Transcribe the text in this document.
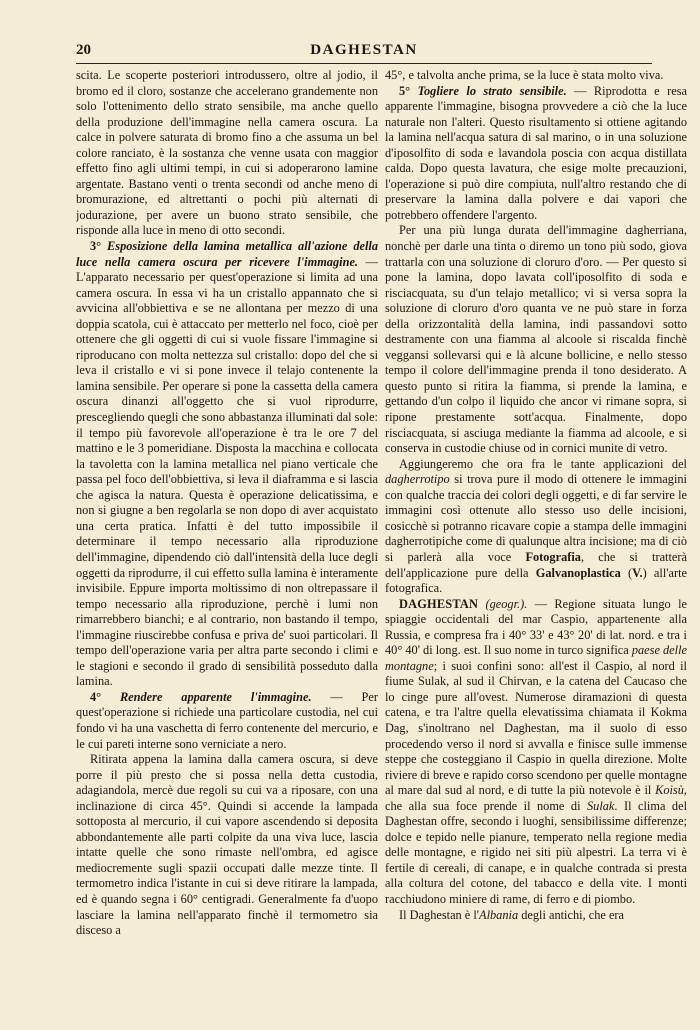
20	DAGHESTAN

scita. Le scoperte posteriori introdussero, oltre al jodio, il bromo ed il cloro, sostanze che accelerano grandemente non solo l'ottenimento dello strato sensibile, ma anche quello della produzione dell'immagine nella camera oscura. La calce in polvere saturata di bromo fino a che assuma un bel colore ranciato, è la sostanza che venne usata con maggior effetto fino agli ultimi tempi, in cui si adoperarono lamine argentate. Bastano venti o trenta secondi od anche meno di bromurazione, ed altrettanti o pochi più alternati di jodurazione, per avere un buono strato sensibile, che risponde alla luce in meno di otto secondi.

3° Esposizione della lamina metallica all'azione della luce nella camera oscura per ricevere l'immagine. — L'apparato necessario per quest'operazione si limita ad una camera oscura. In essa vi ha un cristallo appannato che si avvicina all'obbiettiva e se ne allontana per mezzo di una doppia scatola, cui è attaccato per metterlo nel foco, cioè per ottenere che gli oggetti di cui si vuole fissare l'immagine si riproducano con molta nettezza sul cristallo: dopo del che si leva il cristallo e vi si pone invece il telajo contenente la lamina sensibile. Per operare si pone la cassetta della camera oscura dinanzi all'oggetto che si vuol riprodurre, prescegliendo quegli che sono abbastanza illuminati dal sole: il tempo più favorevole all'operazione è tra le ore 7 del mattino e le 3 pomeridiane. Disposta la macchina e collocata la tavoletta con la lamina metallica nel piano verticale che passa pel foco dell'obbiettiva, si leva il diaframma e si lascia che agisca la natura. Questa è operazione delicatissima, e non si giugne a ben regolarla se non dopo di aver acquistato una certa pratica. Infatti è del tutto impossibile il determinare il tempo necessario alla riproduzione dell'immagine, dipendendo ciò dall'intensità della luce degli oggetti da riprodurre, il cui effetto sulla lamina è interamente invisibile. Eppure importa moltissimo di non oltrepassare il tempo necessario alla riproduzione, perchè i lumi non rimarrebbero bianchi; e al contrario, non bastando il tempo, l'immagine riuscirebbe confusa e priva de' suoi particolari. Il tempo dell'operazione varia per altra parte secondo i climi e le stagioni e secondo il grado di sensibilità posseduto dalla lamina.

4° Rendere apparente l'immagine. — Per quest'operazione si richiede una particolare custodia, nel cui fondo vi ha una vaschetta di ferro contenente del mercurio, e le cui pareti interne sono verniciate a nero.

Ritirata appena la lamina dalla camera oscura, si deve porre il più presto che si possa nella detta custodia, adagiandola, mercè due regoli su cui va a riposare, con una inclinazione di circa 45°. Quindi si accende la lampada sottoposta al mercurio, il cui vapore ascendendo si deposita abbondantemente alle parti colpite da una viva luce, lascia intatte quelle che sono rimaste nell'ombra, ed agisce mediocremente sugli spazii occupati dalle mezze tinte. Il termometro indica l'istante in cui si deve ritirare la lampada, ed è quando segna i 60° centigradi. Generalmente fa d'uopo lasciare la lamina nell'apparato finchè il termometro sia disceso a

45°, e talvolta anche prima, se la luce è stata molto viva.

5° Togliere lo strato sensibile. — Riprodotta e resa apparente l'immagine, bisogna provvedere a ciò che la luce naturale non l'alteri. Questo risultamento si ottiene agitando la lamina nell'acqua satura di sal marino, o in una soluzione d'iposolfito di soda e lavandola poscia con acqua distillata calda. Dopo questa lavatura, che esige molte precauzioni, l'operazione si può dire compiuta, null'altro restando che di preservare la lamina dalla polvere e dai vapori che potrebbero offendere l'argento.

Per una più lunga durata dell'immagine dagherriana, nonchè per darle una tinta o diremo un tono più sodo, giova trattarla con una soluzione di cloruro d'oro. — Per questo si pone la lamina, dopo lavata coll'iposolfito di soda e risciacquata, su d'un telajo metallico; vi si versa sopra la soluzione di cloruro d'oro quanta ve ne può stare in forza della orizzontalità della lamina, indi passandovi sotto destramente con una fiamma al alcoole si riscalda finchè veggansi sollevarsi qui e là alcune bollicine, e nello stesso tempo il colore dell'immagine prenda il tono desiderato. A questo punto si ritira la fiamma, si prende la lamina, e gettando d'un colpo il liquido che ancor vi rimane sopra, si ripone prestamente sott'acqua. Finalmente, dopo risciacquata, si asciuga mediante la fiamma ad alcoole, e si conserva in custodie chiuse od in cornici munite di vetro.

Aggiungeremo che ora fra le tante applicazioni del dagherrotipo si trova pure il modo di ottenere le immagini con qualche traccia dei colori degli oggetti, e di far servire le immagini così ottenute allo stesso uso delle incisioni, cosicchè si potranno ricavare copie a stampa delle immagini dagherrotipiche come di qualunque altra incisione; ma di ciò si parlerà alla voce Fotografia, che si tratterà dell'applicazione pure della Galvanoplastica (V.) all'arte fotografica.

DAGHESTAN (geogr.). — Regione situata lungo le spiaggie occidentali del mar Caspio, appartenente alla Russia, e compresa fra i 40° 33' e 43° 20' di lat. nord. e tra i 40° 40' di long. est. Il suo nome in turco significa paese delle montagne; i suoi confini sono: all'est il Caspio, al nord il fiume Sulak, al sud il Chirvan, e la catena del Caucaso che lo cinge pure all'ovest. Numerose diramazioni di questa catena, e tra l'altre quella elevatissima chiamata il Kokma Dag, s'inoltrano nel Daghestan, ma il suolo di esso procedendo verso il nord si avvalla e finisce sulle immense steppe che costeggiano il Caspio in quella direzione. Molte riviere di breve e rapido corso scendono per quelle montagne al mare dal sud al nord, e di tutte la più notevole è il Koisù, che alla sua foce prende il nome di Sulak. Il clima del Daghestan offre, secondo i luoghi, sensibilissime differenze; dolce e tepido nelle pianure, temperato nella regione media delle montagne, e rigido nei siti più alpestri. La terra vi è fertile di cereali, di canape, e in qualche contrada si presta alla coltura del cotone, del tabacco e della vite. I monti racchiudono miniere di rame, di ferro e di piombo.

Il Daghestan è l'Albania degli antichi, che era
